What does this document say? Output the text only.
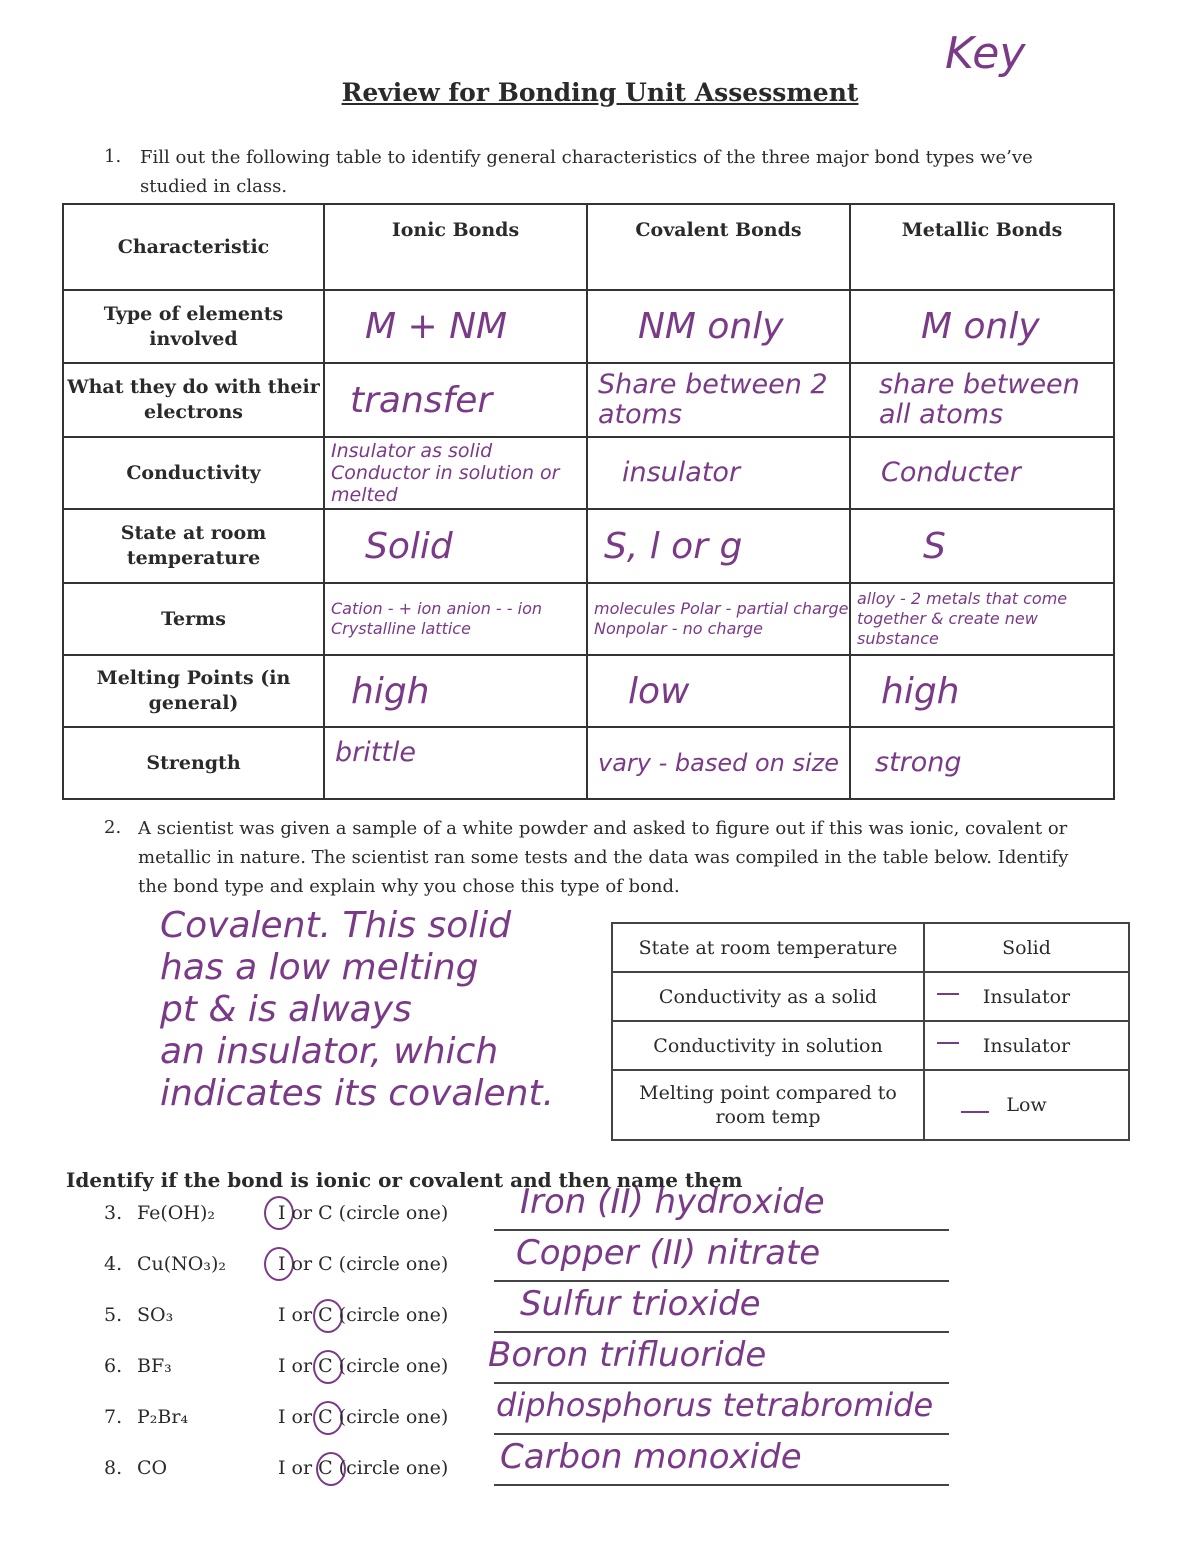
Review for Bonding Unit Assessment
Key
1. Fill out the following table to identify general characteristics of the three major bond types we’ve studied in class.
Characteristic	Ionic Bonds	Covalent Bonds	Metallic Bonds
Type of elements involved	M + NM	NM only	M only
What they do with their electrons	transfer	Share between 2 atoms	share between all atoms
Conductivity	Insulator as solid Conductor in solution or melted	insulator	Conducter
State at room temperature	Solid	S, l or g	S
Terms	Cation - + ion anion - - ion Crystalline lattice	molecules Polar - partial charge Nonpolar - no charge	alloy - 2 metals that come together & create new substance
Melting Points (in general)	high	low	high
Strength	brittle	vary - based on size	strong
2. A scientist was given a sample of a white powder and asked to figure out if this was ionic, covalent or metallic in nature. The scientist ran some tests and the data was compiled in the table below. Identify the bond type and explain why you chose this type of bond.
Covalent. This solid
has a low melting
pt & is always
an insulator, which
indicates its covalent.
State at room temperature	Solid
Conductivity as a solid	Insulator
Conductivity in solution	Insulator
Melting point compared to room temp	Low
Identify if the bond is ionic or covalent and then name them
3. Fe(OH)₂	I or C (circle one) Iron (II) hydroxide
4. Cu(NO₃)₂	I or C (circle one) Copper (II) nitrate
5. SO₃	I or C (circle one) Sulfur trioxide
6. BF₃	I or C (circle one) Boron trifluoride
7. P₂Br₄	I or C (circle one) diphosphorus tetrabromide
8. CO	I or C (circle one) Carbon monoxide
